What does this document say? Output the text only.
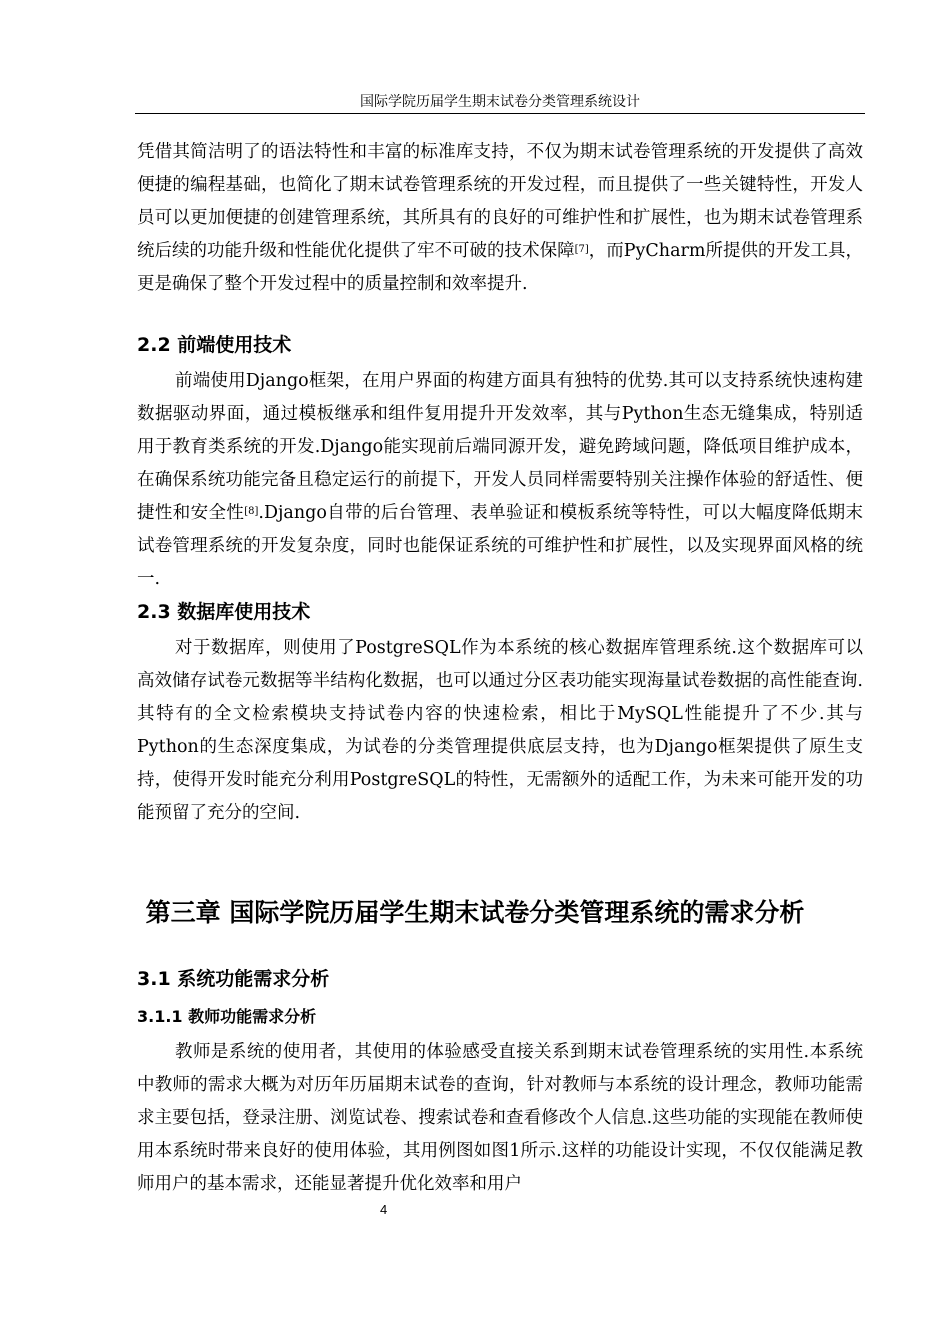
国际学院历届学生期末试卷分类管理系统设计

凭借其简洁明了的语法特性和丰富的标准库支持，不仅为期末试卷管理系统的开发提供了高效便捷的编程基础，也简化了期末试卷管理系统的开发过程，而且提供了一些关键特性，开发人员可以更加便捷的创建管理系统，其所具有的良好的可维护性和扩展性，也为期末试卷管理系统后续的功能升级和性能优化提供了牢不可破的技术保障[7]，而PyCharm所提供的开发工具，更是确保了整个开发过程中的质量控制和效率提升.

2.2 前端使用技术

前端使用Django框架，在用户界面的构建方面具有独特的优势.其可以支持系统快速构建数据驱动界面，通过模板继承和组件复用提升开发效率，其与Python生态无缝集成，特别适用于教育类系统的开发.Django能实现前后端同源开发，避免跨域问题，降低项目维护成本，在确保系统功能完备且稳定运行的前提下，开发人员同样需要特别关注操作体验的舒适性、便捷性和安全性[8].Django自带的后台管理、表单验证和模板系统等特性，可以大幅度降低期末试卷管理系统的开发复杂度，同时也能保证系统的可维护性和扩展性，以及实现界面风格的统一.

2.3 数据库使用技术

对于数据库，则使用了PostgreSQL作为本系统的核心数据库管理系统.这个数据库可以高效储存试卷元数据等半结构化数据，也可以通过分区表功能实现海量试卷数据的高性能查询.其特有的全文检索模块支持试卷内容的快速检索，相比于MySQL性能提升了不少.其与Python的生态深度集成，为试卷的分类管理提供底层支持，也为Django框架提供了原生支持，使得开发时能充分利用PostgreSQL的特性，无需额外的适配工作，为未来可能开发的功能预留了充分的空间.

第三章 国际学院历届学生期末试卷分类管理系统的需求分析
3.1 系统功能需求分析
3.1.1 教师功能需求分析

教师是系统的使用者，其使用的体验感受直接关系到期末试卷管理系统的实用性.本系统中教师的需求大概为对历年历届期末试卷的查询，针对教师与本系统的设计理念，教师功能需求主要包括，登录注册、浏览试卷、搜索试卷和查看修改个人信息.这些功能的实现能在教师使用本系统时带来良好的使用体验，其用例图如图1所示.这样的功能设计实现，不仅仅能满足教师用户的基本需求，还能显著提升优化效率和用户

4
